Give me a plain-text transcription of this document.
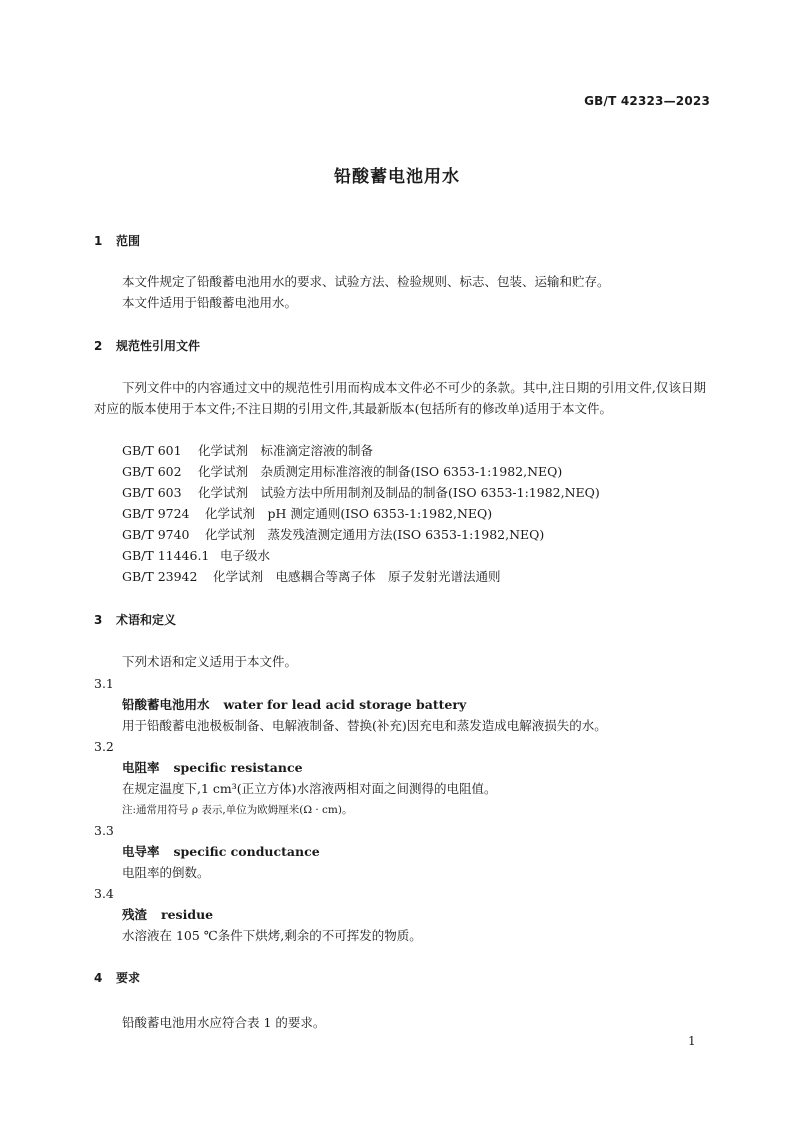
GB/T 42323—2023
铅酸蓄电池用水
1 范围
本文件规定了铅酸蓄电池用水的要求、试验方法、检验规则、标志、包装、运输和贮存。
本文件适用于铅酸蓄电池用水。
2 规范性引用文件
下列文件中的内容通过文中的规范性引用而构成本文件必不可少的条款。其中,注日期的引用文件,仅该日期对应的版本使用于本文件;不注日期的引用文件,其最新版本(包括所有的修改单)适用于本文件。
GB/T 601 化学试剂　标准滴定溶液的制备
GB/T 602 化学试剂　杂质测定用标准溶液的制备(ISO 6353-1:1982,NEQ)
GB/T 603 化学试剂　试验方法中所用制剂及制品的制备(ISO 6353-1:1982,NEQ)
GB/T 9724 化学试剂　pH 测定通则(ISO 6353-1:1982,NEQ)
GB/T 9740 化学试剂　蒸发残渣测定通用方法(ISO 6353-1:1982,NEQ)
GB/T 11446.1 电子级水
GB/T 23942 化学试剂　电感耦合等离子体　原子发射光谱法通则
3 术语和定义
下列术语和定义适用于本文件。
3.1
铅酸蓄电池用水 water for lead acid storage battery
用于铅酸蓄电池极板制备、电解液制备、替换(补充)因充电和蒸发造成电解液损失的水。
3.2
电阻率 specific resistance
在规定温度下,1 cm³(正立方体)水溶液两相对面之间测得的电阻值。
注:通常用符号 ρ 表示,单位为欧姆厘米(Ω · cm)。
3.3
电导率 specific conductance
电阻率的倒数。
3.4
残渣 residue
水溶液在 105 ℃条件下烘烤,剩余的不可挥发的物质。
4 要求
铅酸蓄电池用水应符合表 1 的要求。
1
